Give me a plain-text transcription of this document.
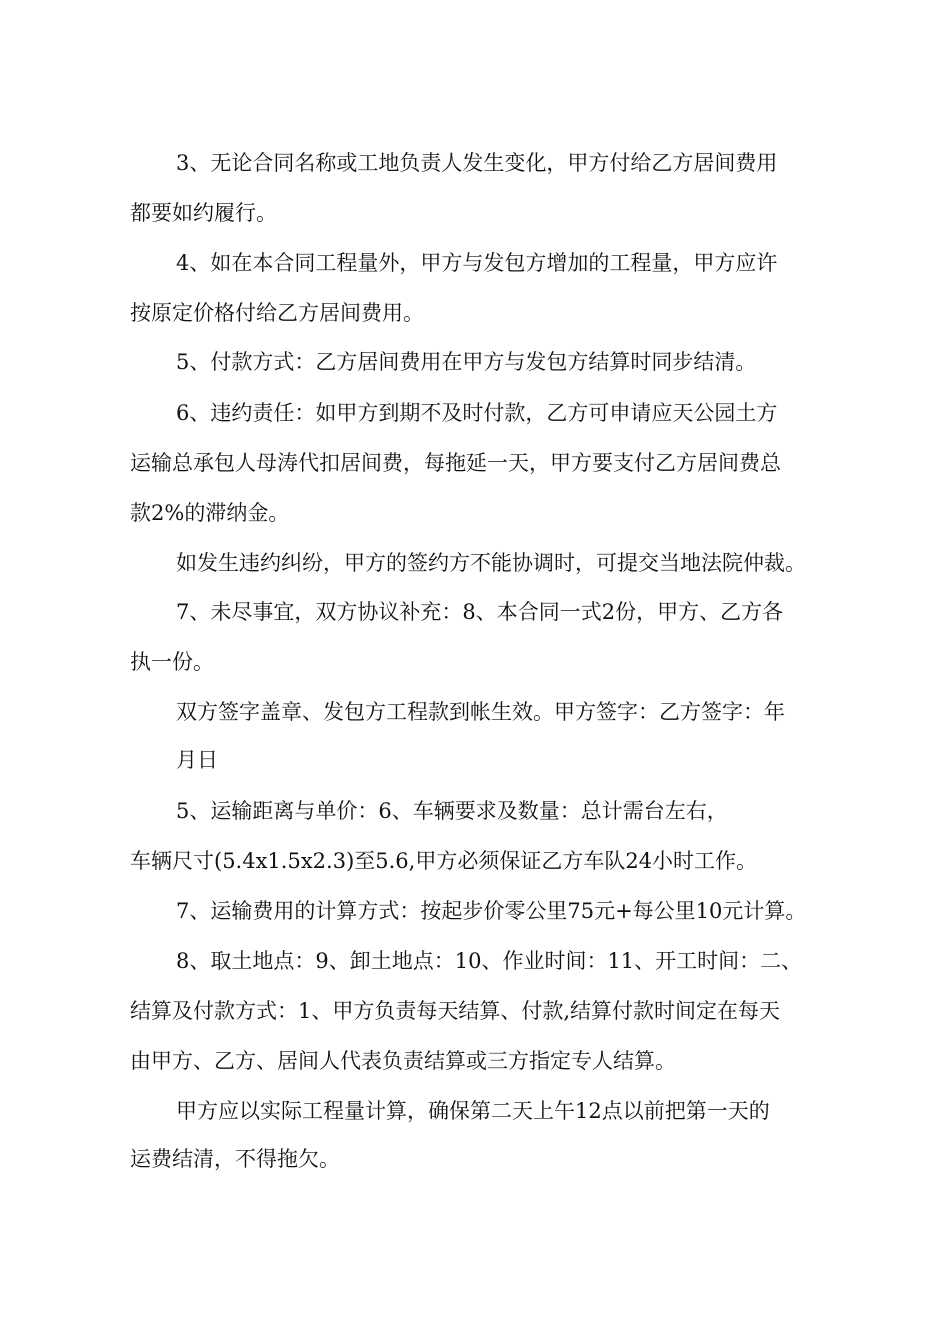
3、无论合同名称或工地负责人发生变化，甲方付给乙方居间费用
都要如约履行。
4、如在本合同工程量外，甲方与发包方增加的工程量，甲方应许
按原定价格付给乙方居间费用。
5、付款方式：乙方居间费用在甲方与发包方结算时同步结清。
6、违约责任：如甲方到期不及时付款，乙方可申请应天公园土方
运输总承包人母涛代扣居间费，每拖延一天，甲方要支付乙方居间费总
款2%的滞纳金。
如发生违约纠纷，甲方的签约方不能协调时，可提交当地法院仲裁。
7、未尽事宜，双方协议补充：8、本合同一式2份，甲方、乙方各
执一份。
双方签字盖章、发包方工程款到帐生效。甲方签字：乙方签字：年
月日
5、运输距离与单价：6、车辆要求及数量：总计需台左右，
车辆尺寸(5.4x1.5x2.3)至5.6,甲方必须保证乙方车队24小时工作。
7、运输费用的计算方式：按起步价零公里75元+每公里10元计算。
8、取土地点：9、卸土地点：10、作业时间：11、开工时间：二、
结算及付款方式：1、甲方负责每天结算、付款,结算付款时间定在每天
由甲方、乙方、居间人代表负责结算或三方指定专人结算。
甲方应以实际工程量计算，确保第二天上午12点以前把第一天的
运费结清，不得拖欠。
